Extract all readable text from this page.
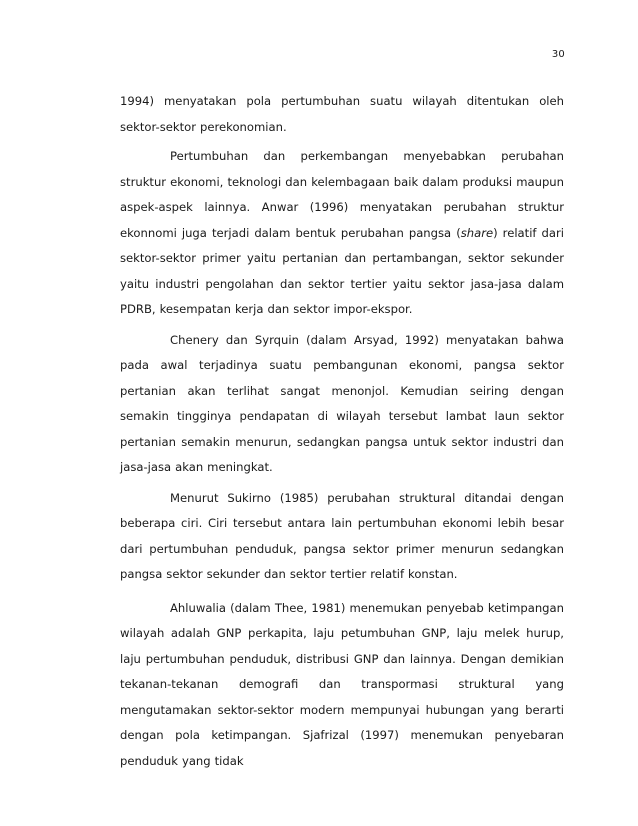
30

1994) menyatakan pola pertumbuhan suatu wilayah ditentukan oleh sektor-sektor perekonomian.

Pertumbuhan dan perkembangan menyebabkan perubahan struktur ekonomi, teknologi dan kelembagaan baik dalam produksi maupun aspek-aspek lainnya. Anwar (1996) menyatakan perubahan struktur ekonnomi juga terjadi dalam bentuk perubahan pangsa (share) relatif dari sektor-sektor primer yaitu pertanian dan pertambangan, sektor sekunder yaitu industri pengolahan dan sektor tertier yaitu sektor jasa-jasa dalam PDRB, kesempatan kerja dan sektor impor-ekspor.

Chenery dan Syrquin (dalam Arsyad, 1992) menyatakan bahwa pada awal terjadinya suatu pembangunan ekonomi, pangsa sektor pertanian akan terlihat sangat menonjol. Kemudian seiring dengan semakin tingginya pendapatan di wilayah tersebut lambat laun sektor pertanian semakin menurun, sedangkan pangsa untuk sektor industri dan jasa-jasa akan meningkat.

Menurut Sukirno (1985) perubahan struktural ditandai dengan beberapa ciri. Ciri tersebut antara lain pertumbuhan ekonomi lebih besar dari pertumbuhan penduduk, pangsa sektor primer menurun sedangkan pangsa sektor sekunder dan sektor tertier relatif konstan.

Ahluwalia (dalam Thee, 1981) menemukan penyebab ketimpangan wilayah adalah GNP perkapita, laju petumbuhan GNP, laju melek hurup, laju pertumbuhan penduduk, distribusi GNP dan lainnya. Dengan demikian tekanan-tekanan demografi dan transpormasi struktural yang mengutamakan sektor-sektor modern mempunyai hubungan yang berarti dengan pola ketimpangan. Sjafrizal (1997) menemukan penyebaran penduduk yang tidak
